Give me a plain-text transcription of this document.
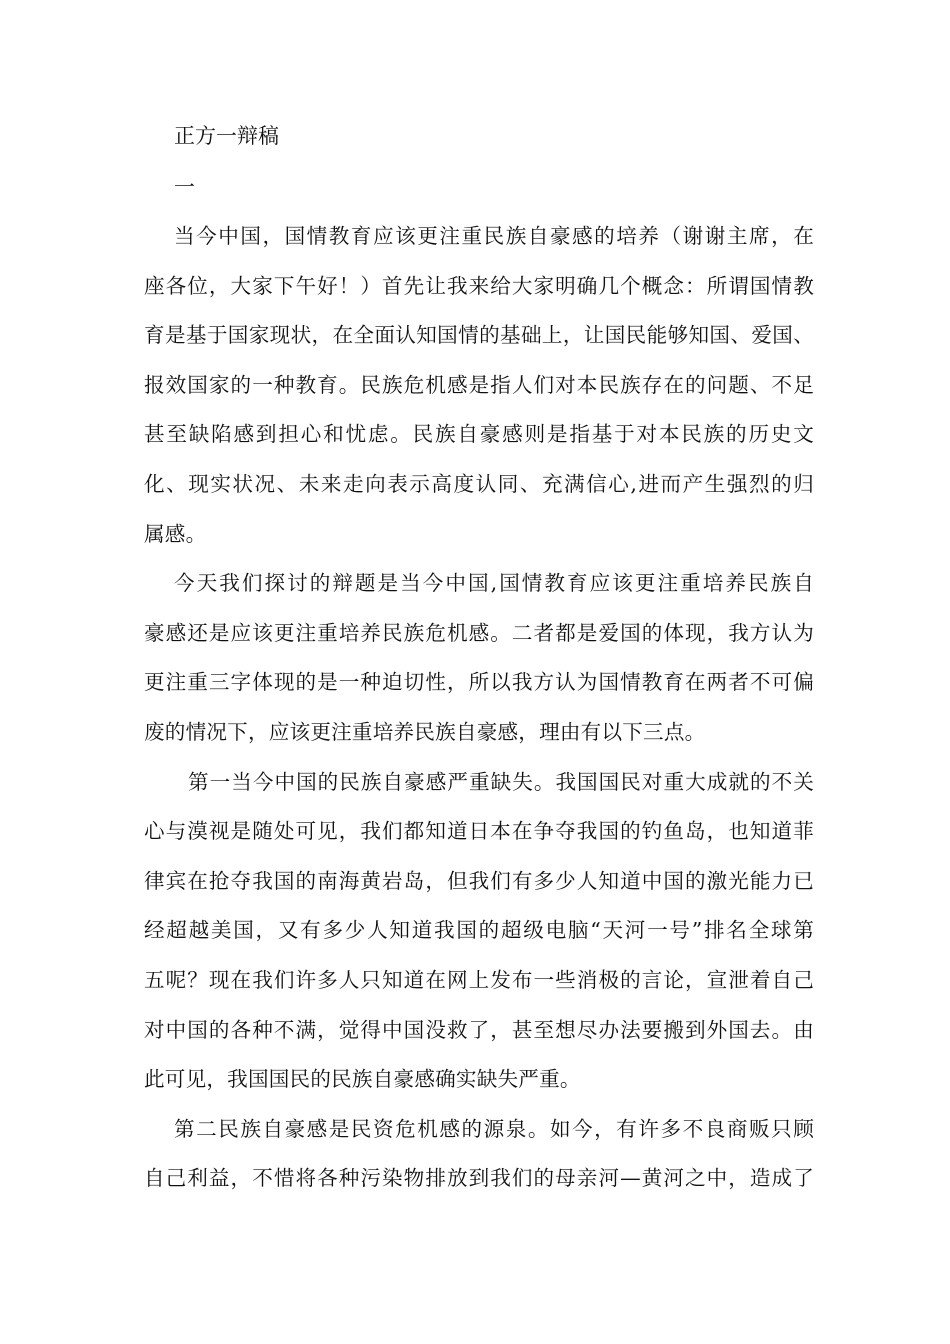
正方一辩稿

一

当今中国，国情教育应该更注重民族自豪感的培养（谢谢主席，在
座各位，大家下午好！）首先让我来给大家明确几个概念：所谓国情教
育是基于国家现状，在全面认知国情的基础上，让国民能够知国、爱国、
报效国家的一种教育。民族危机感是指人们对本民族存在的问题、不足
甚至缺陷感到担心和忧虑。民族自豪感则是指基于对本民族的历史文
化、现实状况、未来走向表示高度认同、充满信心,进而产生强烈的归
属感。
今天我们探讨的辩题是当今中国,国情教育应该更注重培养民族自
豪感还是应该更注重培养民族危机感。二者都是爱国的体现，我方认为
更注重三字体现的是一种迫切性，所以我方认为国情教育在两者不可偏
废的情况下，应该更注重培养民族自豪感，理由有以下三点。
第一当今中国的民族自豪感严重缺失。我国国民对重大成就的不关
心与漠视是随处可见，我们都知道日本在争夺我国的钓鱼岛，也知道菲
律宾在抢夺我国的南海黄岩岛，但我们有多少人知道中国的激光能力已
经超越美国，又有多少人知道我国的超级电脑“天河一号”排名全球第
五呢？现在我们许多人只知道在网上发布一些消极的言论，宣泄着自己
对中国的各种不满，觉得中国没救了，甚至想尽办法要搬到外国去。由
此可见，我国国民的民族自豪感确实缺失严重。
第二民族自豪感是民资危机感的源泉。如今，有许多不良商贩只顾
自己利益，不惜将各种污染物排放到我们的母亲河—黄河之中，造成了
